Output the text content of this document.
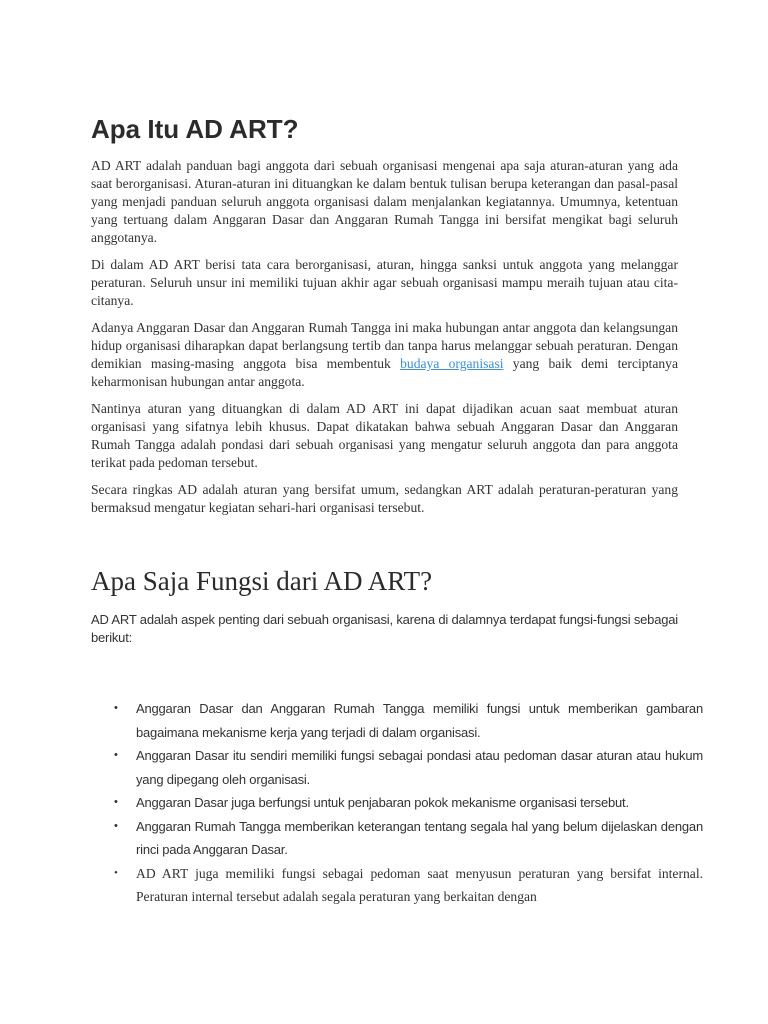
Apa Itu AD ART?

AD ART adalah panduan bagi anggota dari sebuah organisasi mengenai apa saja aturan-aturan yang ada saat berorganisasi. Aturan-aturan ini dituangkan ke dalam bentuk tulisan berupa keterangan dan pasal-pasal yang menjadi panduan seluruh anggota organisasi dalam menjalankan kegiatannya. Umumnya, ketentuan yang tertuang dalam Anggaran Dasar dan Anggaran Rumah Tangga ini bersifat mengikat bagi seluruh anggotanya.

Di dalam AD ART berisi tata cara berorganisasi, aturan, hingga sanksi untuk anggota yang melanggar peraturan. Seluruh unsur ini memiliki tujuan akhir agar sebuah organisasi mampu meraih tujuan atau cita-citanya.

Adanya Anggaran Dasar dan Anggaran Rumah Tangga ini maka hubungan antar anggota dan kelangsungan hidup organisasi diharapkan dapat berlangsung tertib dan tanpa harus melanggar sebuah peraturan. Dengan demikian masing-masing anggota bisa membentuk budaya organisasi yang baik demi terciptanya keharmonisan hubungan antar anggota.

Nantinya aturan yang dituangkan di dalam AD ART ini dapat dijadikan acuan saat membuat aturan organisasi yang sifatnya lebih khusus. Dapat dikatakan bahwa sebuah Anggaran Dasar dan Anggaran Rumah Tangga adalah pondasi dari sebuah organisasi yang mengatur seluruh anggota dan para anggota terikat pada pedoman tersebut.

Secara ringkas AD adalah aturan yang bersifat umum, sedangkan ART adalah peraturan-peraturan yang bermaksud mengatur kegiatan sehari-hari organisasi tersebut.

Apa Saja Fungsi dari AD ART?

AD ART adalah aspek penting dari sebuah organisasi, karena di dalamnya terdapat fungsi-fungsi sebagai berikut:

• Anggaran Dasar dan Anggaran Rumah Tangga memiliki fungsi untuk memberikan gambaran bagaimana mekanisme kerja yang terjadi di dalam organisasi.
• Anggaran Dasar itu sendiri memiliki fungsi sebagai pondasi atau pedoman dasar aturan atau hukum yang dipegang oleh organisasi.
• Anggaran Dasar juga berfungsi untuk penjabaran pokok mekanisme organisasi tersebut.
• Anggaran Rumah Tangga memberikan keterangan tentang segala hal yang belum dijelaskan dengan rinci pada Anggaran Dasar.
• AD ART juga memiliki fungsi sebagai pedoman saat menyusun peraturan yang bersifat internal. Peraturan internal tersebut adalah segala peraturan yang berkaitan dengan
